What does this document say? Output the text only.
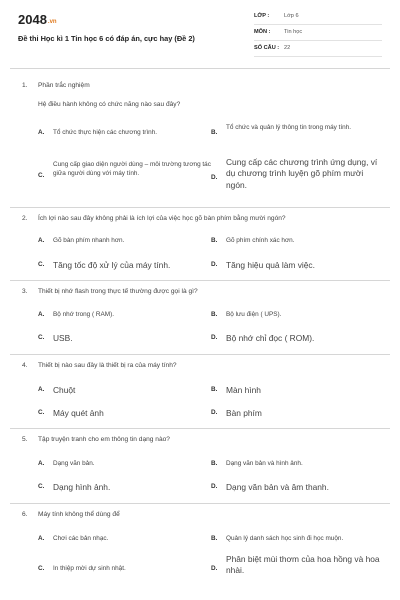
2048.vn
Đề thi Học kì 1 Tin học 6 có đáp án, cực hay (Đề 2)
LỚP :	Lớp 6
MÔN : Tin học
SỐ CÂU : 22
1. Phần trắc nghiệm
Hệ điều hành không có chức năng nào sau đây?
A. Tổ chức thực hiện các chương trình.	B.
Tổ chức và quản lý thông tin trong máy tính.
C.
Cung cấp giao diện người dùng – môi trường tương tác giữa người dùng với máy tính.
D.
Cung cấp các chương trình ứng dụng, ví dụ chương trình luyện gõ phím mười ngón.
2. Ích lợi nào sau đây không phải là ích lợi của việc học gõ bàn phím bằng mười ngón?
A. Gõ bàn phím nhanh hơn.	B. Gõ phím chính xác hơn.
C. Tăng tốc độ xử lý của máy tính.	D. Tăng hiệu quả làm việc.
3. Thiết bị nhớ flash trong thực tế thường được gọi là gì?
A. Bộ nhớ trong ( RAM).	B. Bộ lưu điện ( UPS).
C. USB.	D. Bộ nhớ chỉ đọc ( ROM).
4. Thiết bị nào sau đây là thiết bị ra của máy tính?
A. Chuột	B. Màn hình
C. Máy quét ảnh	D. Bàn phím
5. Tập truyện tranh cho em thông tin dạng nào?
A. Dạng văn bản.	B. Dạng văn bản và hình ảnh.
C. Dạng hình ảnh.	D. Dạng văn bản và âm thanh.
6. Máy tính không thể dùng để
A. Chơi các bản nhạc.	B. Quản lý danh sách học sinh đi học muộn.
C. In thiệp mời dự sinh nhật.	D.
Phân biệt mùi thơm của hoa hồng và hoa nhài.
